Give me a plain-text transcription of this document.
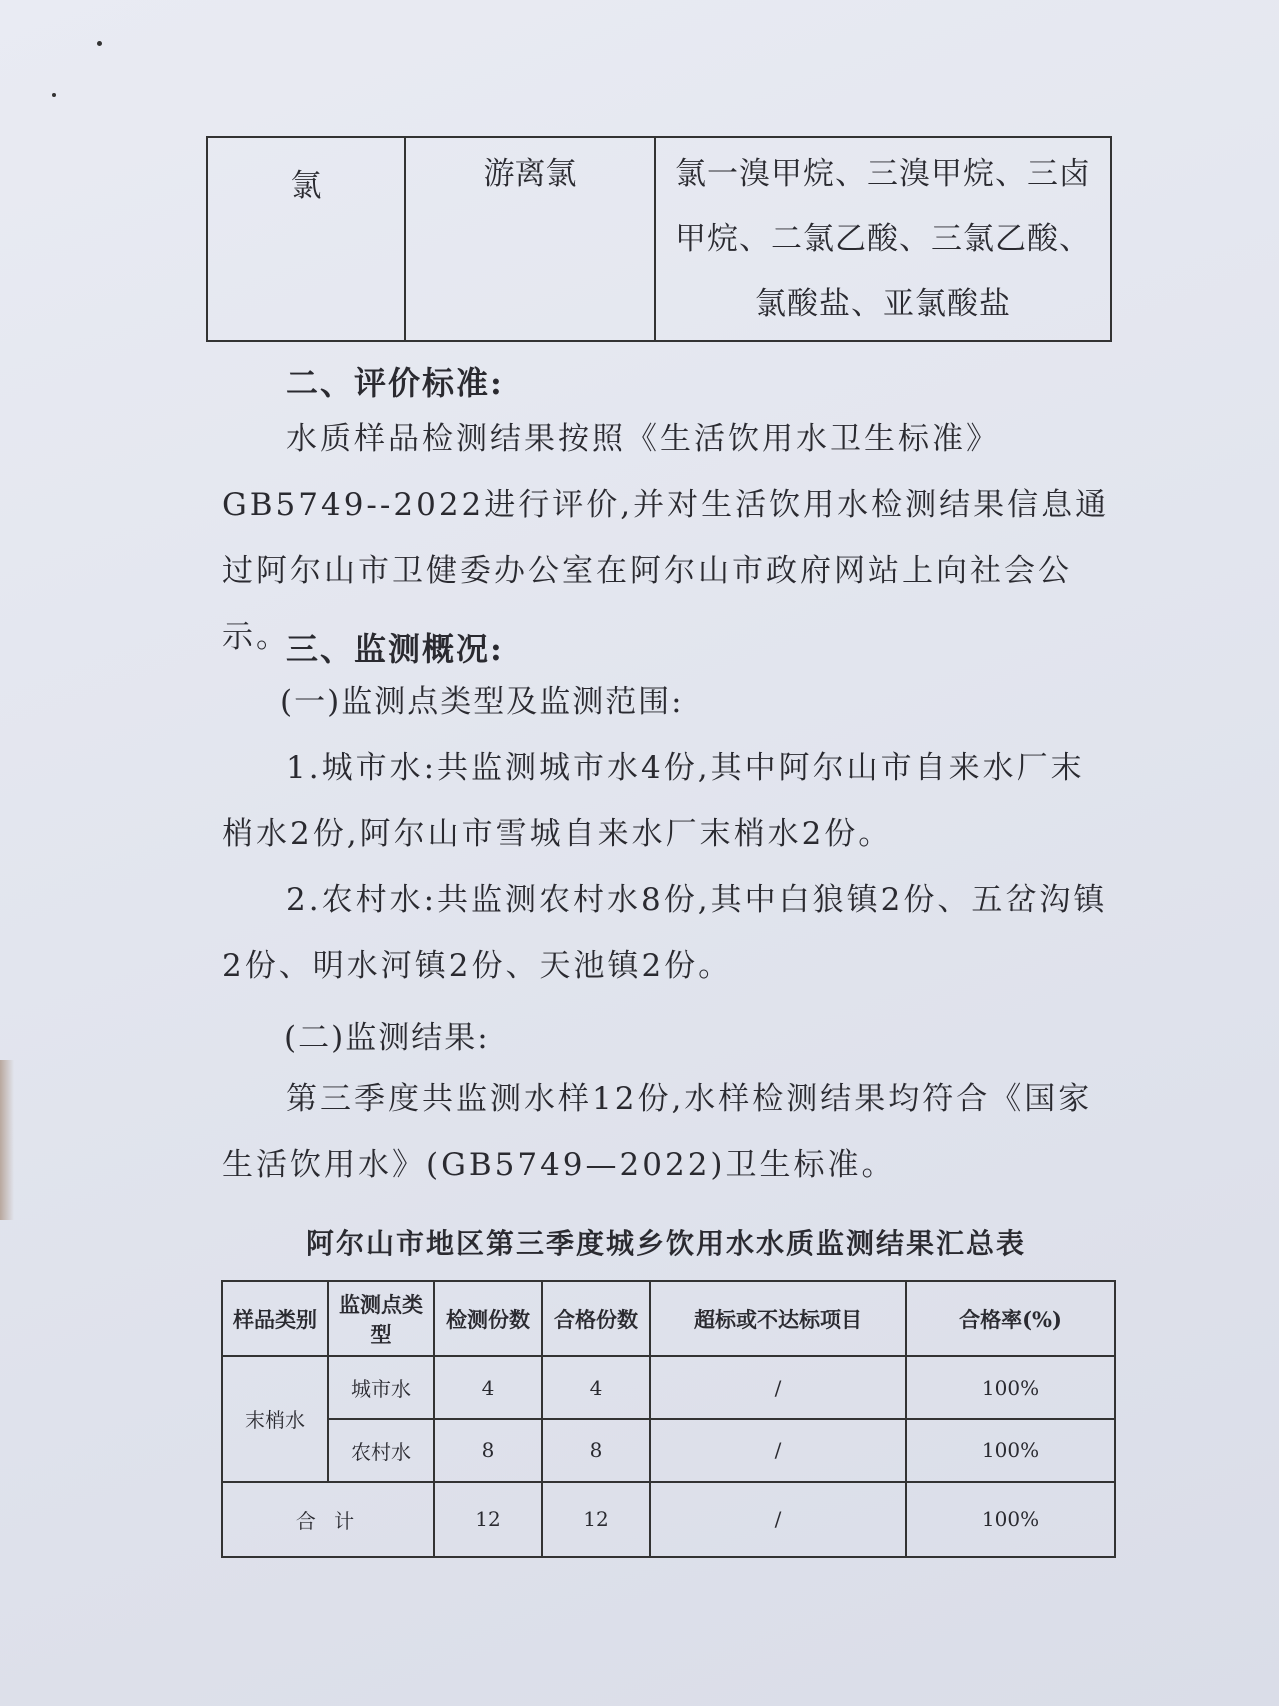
氯	游离氯	氯一溴甲烷、三溴甲烷、三卤
甲烷、二氯乙酸、三氯乙酸、
氯酸盐、亚氯酸盐
二、评价标准:
水质样品检测结果按照《生活饮用水卫生标准》GB5749--2022进行评价,并对生活饮用水检测结果信息通过阿尔山市卫健委办公室在阿尔山市政府网站上向社会公示。
三、监测概况:
(一)监测点类型及监测范围:
1.城市水:共监测城市水4份,其中阿尔山市自来水厂末梢水2份,阿尔山市雪城自来水厂末梢水2份。
2.农村水:共监测农村水8份,其中白狼镇2份、五岔沟镇2份、明水河镇2份、天池镇2份。
(二)监测结果:
第三季度共监测水样12份,水样检测结果均符合《国家生活饮用水》(GB5749—2022)卫生标准。
阿尔山市地区第三季度城乡饮用水水质监测结果汇总表
样品类别	监测点类型	检测份数	合格份数	超标或不达标项目	合格率(%)
末梢水	城市水	4	4	/	100%
	农村水	8	8	/	100%
合 计		12	12	/	100%
